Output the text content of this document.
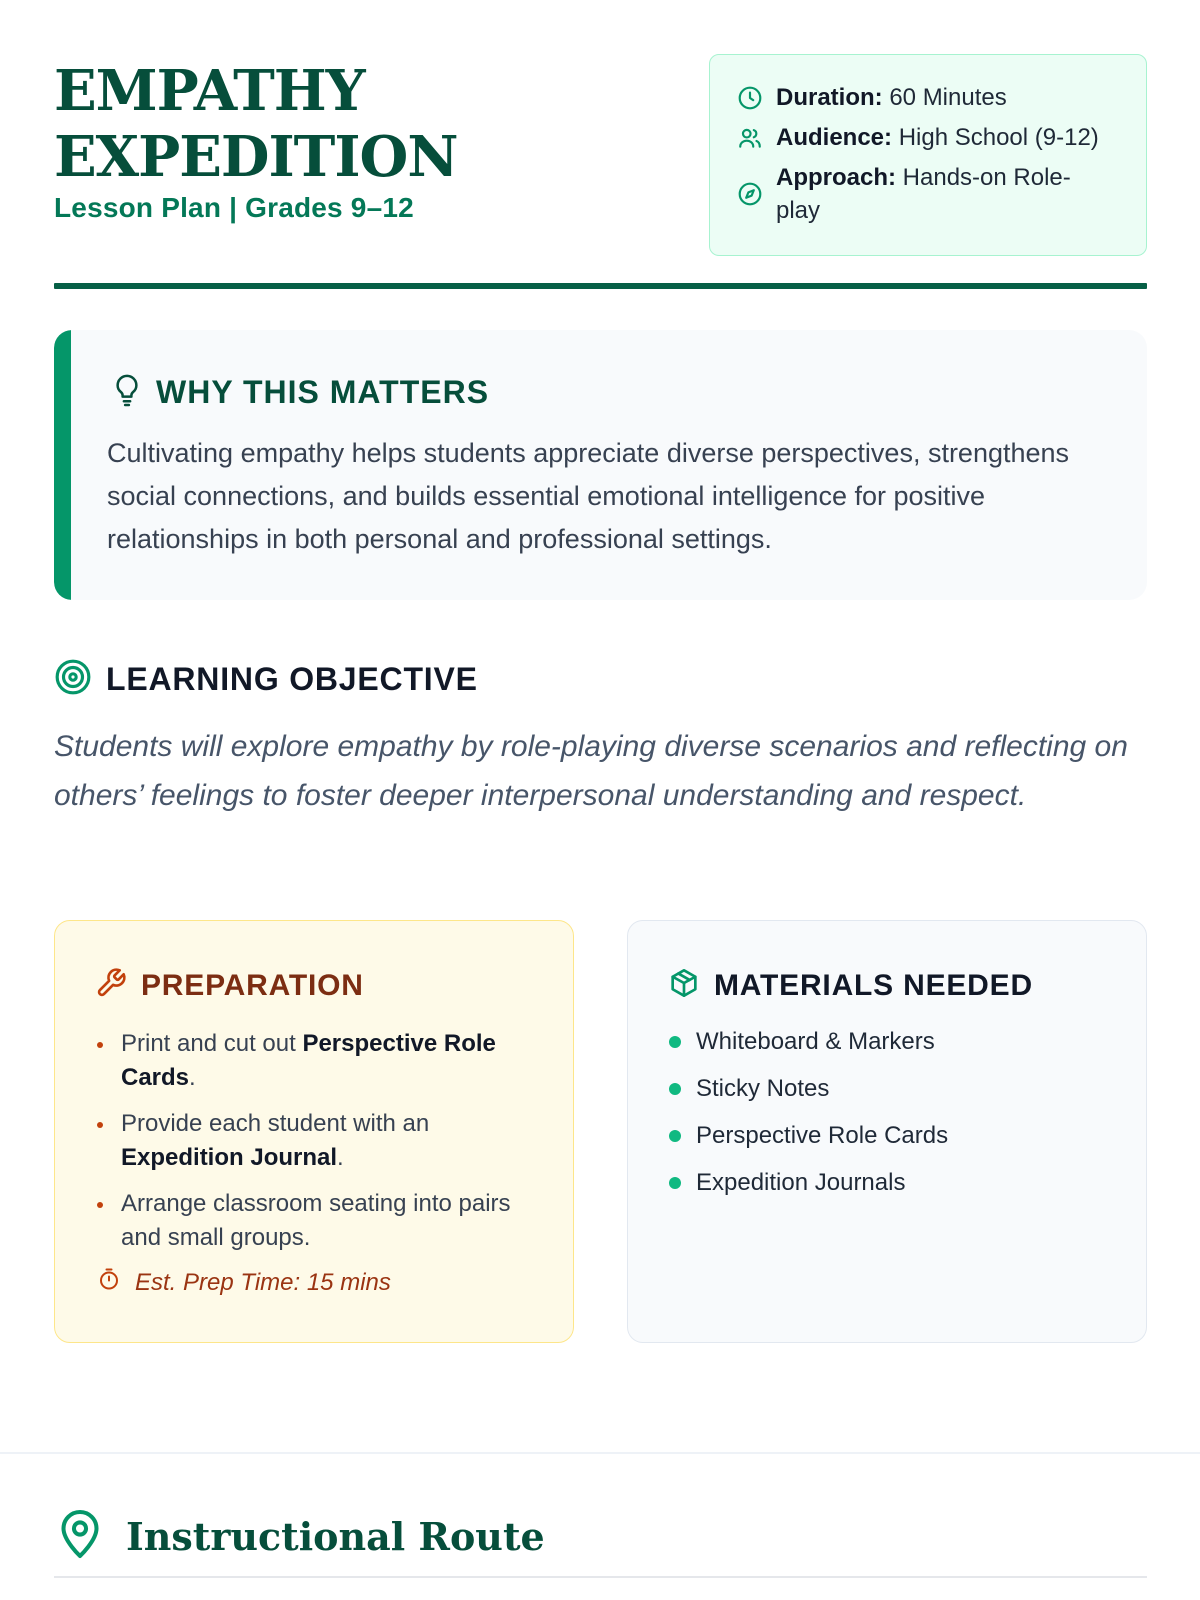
EMPATHY
EXPEDITION
Lesson Plan | Grades 9–12
Duration: 60 Minutes
Audience: High School (9-12)
Approach: Hands-on Role-play
WHY THIS MATTERS

Cultivating empathy helps students appreciate diverse perspectives, strengthens social connections, and builds essential emotional intelligence for positive relationships in both personal and professional settings.

LEARNING OBJECTIVE
Students will explore empathy by role-playing diverse scenarios and reflecting on others’ feelings to foster deeper interpersonal understanding and respect.
PREPARATION
Print and cut out Perspective Role Cards.
Provide each student with an Expedition Journal.
Arrange classroom seating into pairs and small groups.
Est. Prep Time: 15 mins
MATERIALS NEEDED
Whiteboard & Markers
Sticky Notes
Perspective Role Cards
Expedition Journals
Instructional Route
